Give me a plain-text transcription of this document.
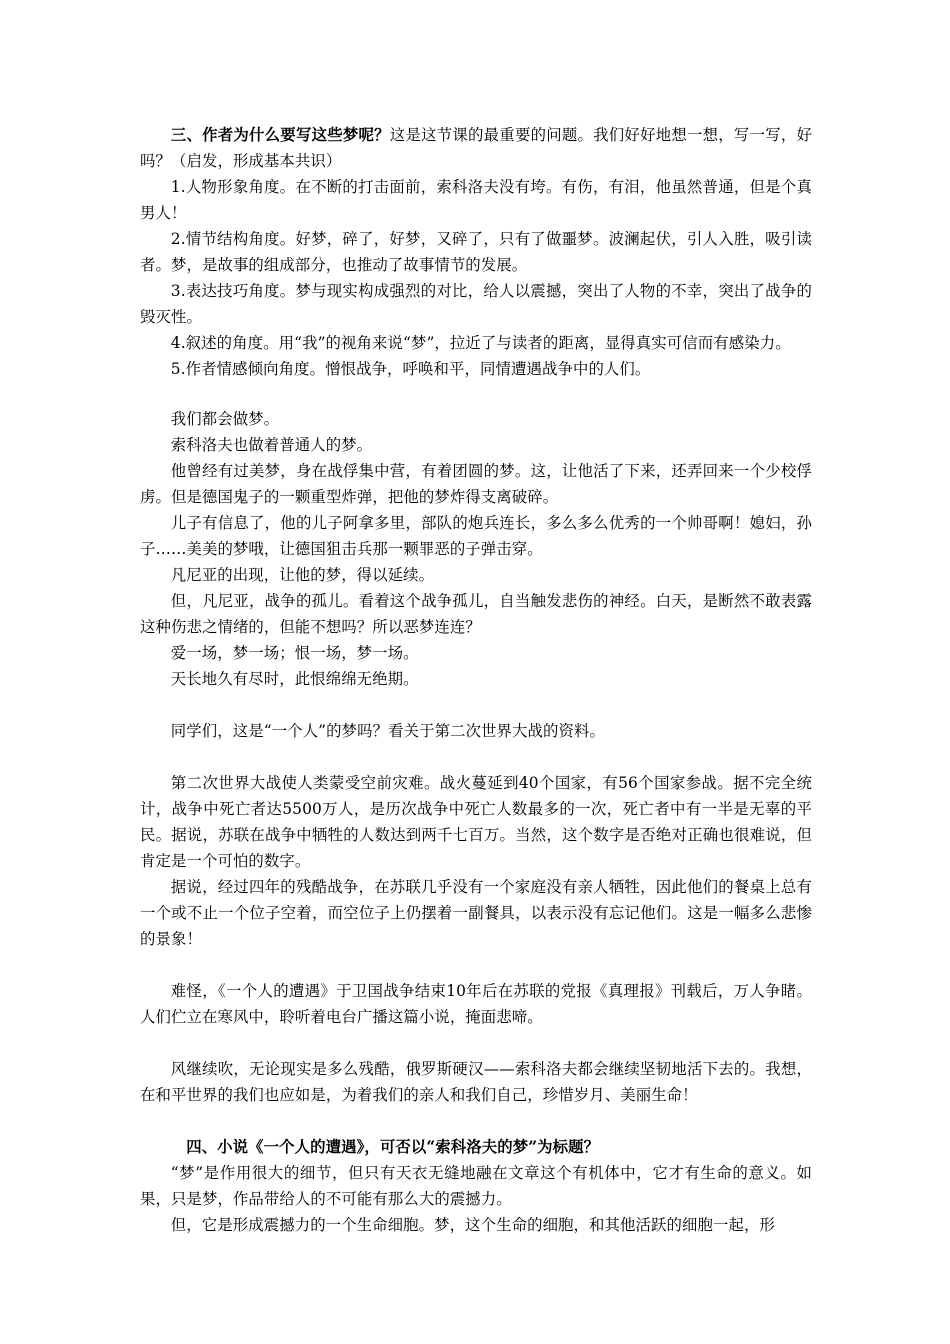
三、作者为什么要写这些梦呢？这是这节课的最重要的问题。我们好好地想一想，写一写，好吗？（启发，形成基本共识）

1.人物形象角度。在不断的打击面前，索科洛夫没有垮。有伤，有泪，他虽然普通，但是个真男人！

2.情节结构角度。好梦，碎了，好梦，又碎了，只有了做噩梦。波澜起伏，引人入胜，吸引读者。梦，是故事的组成部分，也推动了故事情节的发展。

3.表达技巧角度。梦与现实构成强烈的对比，给人以震撼，突出了人物的不幸，突出了战争的毁灭性。

4.叙述的角度。用“我”的视角来说“梦”，拉近了与读者的距离，显得真实可信而有感染力。

5.作者情感倾向角度。憎恨战争，呼唤和平，同情遭遇战争中的人们。

我们都会做梦。

索科洛夫也做着普通人的梦。

他曾经有过美梦，身在战俘集中营，有着团圆的梦。这，让他活了下来，还弄回来一个少校俘虏。但是德国鬼子的一颗重型炸弹，把他的梦炸得支离破碎。

儿子有信息了，他的儿子阿拿多里，部队的炮兵连长，多么多么优秀的一个帅哥啊！媳妇，孙子……美美的梦哦，让德国狙击兵那一颗罪恶的子弹击穿。

凡尼亚的出现，让他的梦，得以延续。

但，凡尼亚，战争的孤儿。看着这个战争孤儿，自当触发悲伤的神经。白天，是断然不敢表露这种伤悲之情绪的，但能不想吗？所以恶梦连连？

爱一场，梦一场；恨一场，梦一场。

天长地久有尽时，此恨绵绵无绝期。

同学们，这是“一个人”的梦吗？看关于第二次世界大战的资料。

第二次世界大战使人类蒙受空前灾难。战火蔓延到40个国家，有56个国家参战。据不完全统计，战争中死亡者达5500万人，是历次战争中死亡人数最多的一次，死亡者中有一半是无辜的平民。据说，苏联在战争中牺牲的人数达到两千七百万。当然，这个数字是否绝对正确也很难说，但肯定是一个可怕的数字。

据说，经过四年的残酷战争，在苏联几乎没有一个家庭没有亲人牺牲，因此他们的餐桌上总有一个或不止一个位子空着，而空位子上仍摆着一副餐具，以表示没有忘记他们。这是一幅多么悲惨的景象！

难怪，《一个人的遭遇》于卫国战争结束10年后在苏联的党报《真理报》刊载后，万人争睹。人们伫立在寒风中，聆听着电台广播这篇小说，掩面悲啼。

风继续吹，无论现实是多么残酷，俄罗斯硬汉——索科洛夫都会继续坚韧地活下去的。我想，在和平世界的我们也应如是，为着我们的亲人和我们自己，珍惜岁月、美丽生命！

四、小说《一个人的遭遇》，可否以“索科洛夫的梦”为标题？

“梦”是作用很大的细节，但只有天衣无缝地融在文章这个有机体中，它才有生命的意义。如果，只是梦，作品带给人的不可能有那么大的震撼力。

但，它是形成震撼力的一个生命细胞。梦，这个生命的细胞，和其他活跃的细胞一起，形
